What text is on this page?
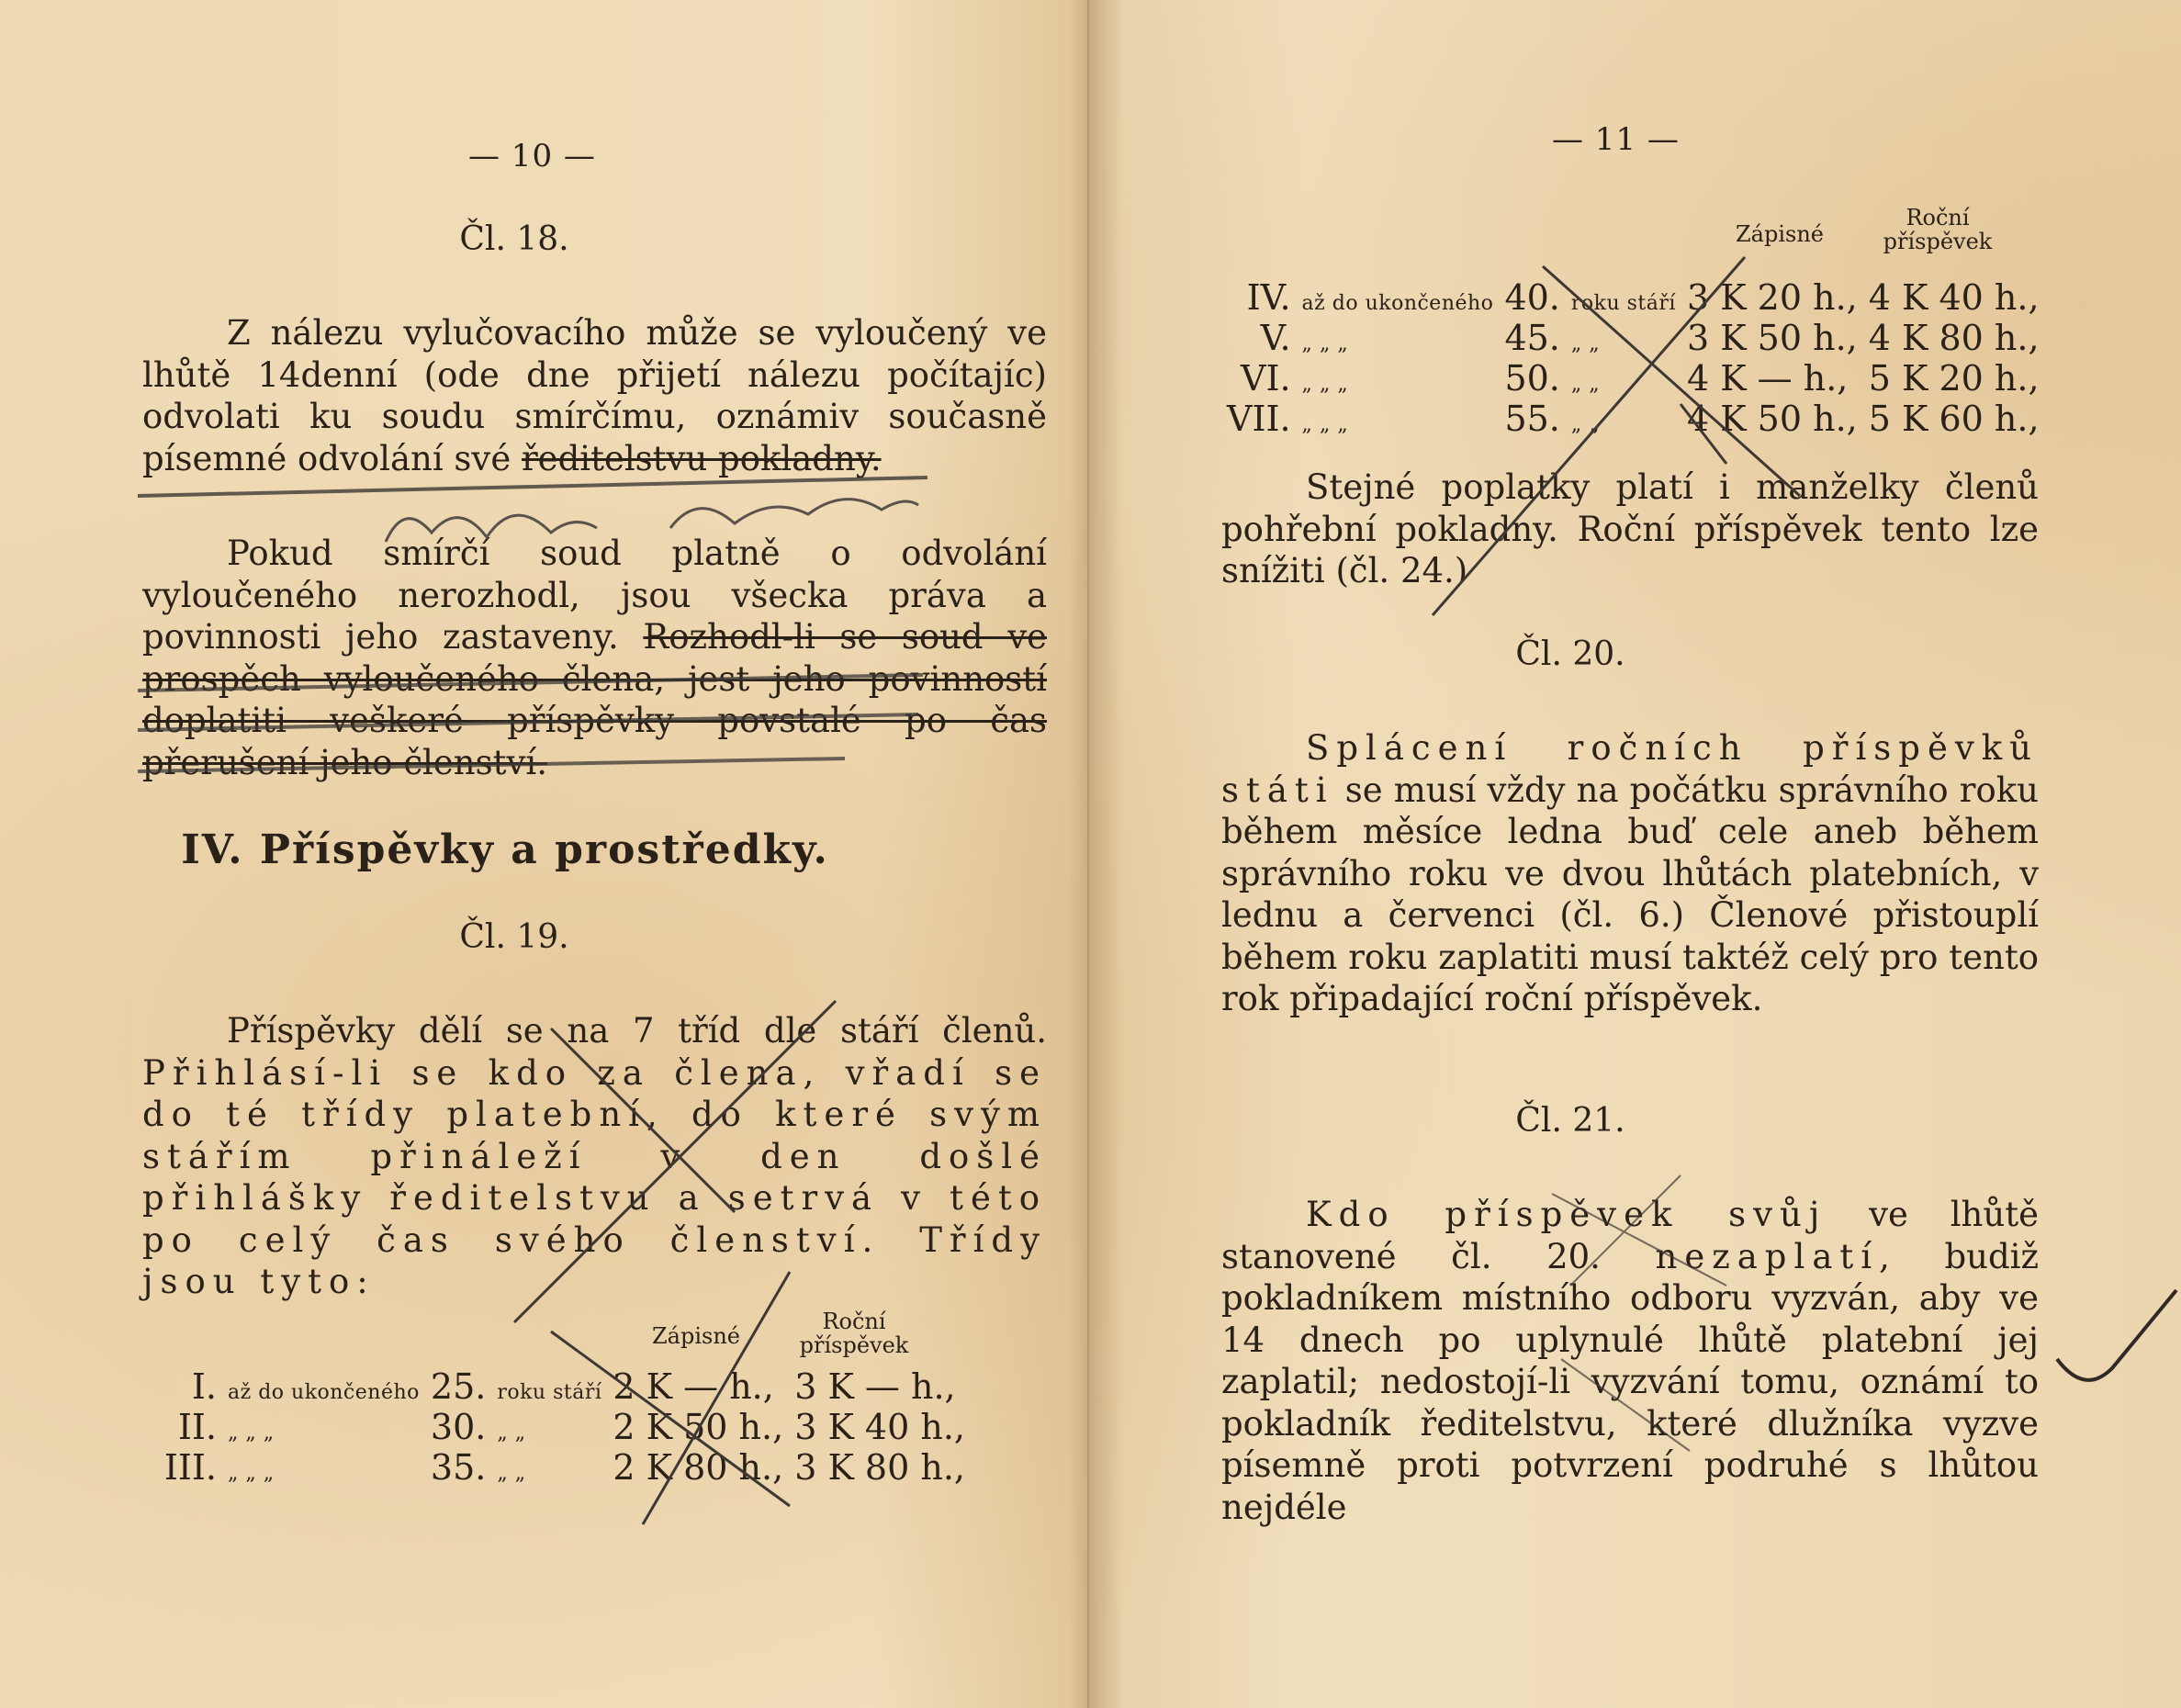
— 10 —
Čl. 18.

Z nálezu vylučovacího může se vyloučený ve lhůtě 14denní (ode dne přijetí nálezu počítajíc) odvolati ku soudu smírčímu, oznámiv současně písemné odvolání své ředitelstvu pokladny.

Pokud smírčí soud platně o odvolání vyloučeného nerozhodl, jsou všecka práva a povinnosti jeho zastaveny. Rozhodl-li se soud ve prospěch vyloučeného člena, jest jeho povinností doplatiti veškeré příspěvky povstalé po čas přerušení jeho členství.

IV. Příspěvky a prostředky.
Čl. 19.

Příspěvky dělí se na 7 tříd dle stáří členů. Přihlásí-li se kdo za člena, vřadí se do té třídy platební, do které svým stářím přináleží v den došlé přihlášky ředitelstvu a setrvá v této po celý čas svého členství. Třídy jsou tyto:

Zápisné
Roční příspěvek
I.	až do ukončeného	25.	roku stáří	2 K — h.,	3 K — h.,
II.	„ „ „	30.	„ „	2 K 50 h.,	3 K 40 h.,
III.	„ „ „	35.	„ „	2 K 80 h.,	3 K 80 h.,
— 11 —
Zápisné
Roční příspěvek
IV.	až do ukončeného	40.	roku stáří	3 K 20 h.,	4 K 40 h.,
V.	„ „ „	45.	„ „	3 K 50 h.,	4 K 80 h.,
VI.	„ „ „	50.	„ „	4 K — h.,	5 K 20 h.,
VII.	„ „ „	55.	„ „	4 K 50 h.,	5 K 60 h.,

Stejné poplatky platí i manželky členů pohřební pokladny. Roční příspěvek tento lze snížiti (čl. 24.)

Čl. 20.

Splácení ročních příspěvků státi se musí vždy na počátku správního roku během měsíce ledna buď cele aneb během správního roku ve dvou lhůtách platebních, v lednu a červenci (čl. 6.) Členové přistouplí během roku zaplatiti musí taktéž celý pro tento rok připadající roční příspěvek.

Čl. 21.

Kdo příspěvek svůj ve lhůtě stanovené čl. 20. nezaplatí, budiž pokladníkem místního odboru vyzván, aby ve 14 dnech po uplynulé lhůtě platební jej zaplatil; nedostojí-li vyzvání tomu, oznámí to pokladník ředitelstvu, které dlužníka vyzve písemně proti potvrzení podruhé s lhůtou nejdéle
